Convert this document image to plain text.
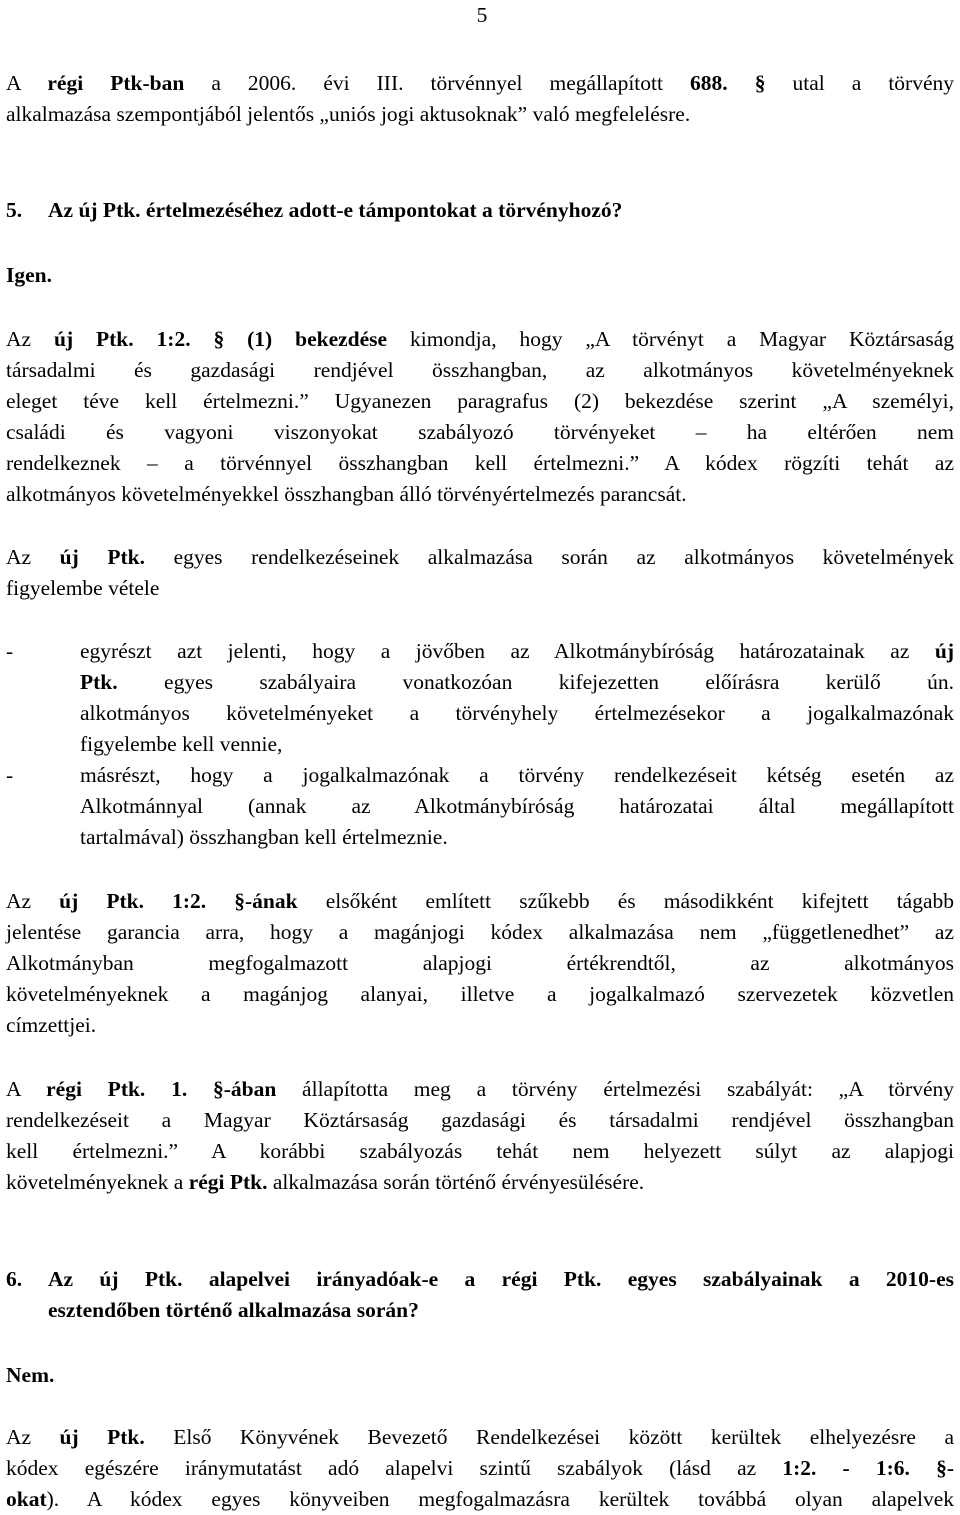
5
A régi Ptk-ban a 2006. évi III. törvénnyel megállapított 688. § utal a törvény
alkalmazása szempontjából jelentős „uniós jogi aktusoknak” való megfelelésre.
5. Az új Ptk. értelmezéséhez adott-e támpontokat a törvényhozó?
Igen.
Az új Ptk. 1:2. § (1) bekezdése kimondja, hogy „A törvényt a Magyar Köztársaság
társadalmi és gazdasági rendjével összhangban, az alkotmányos követelményeknek
eleget téve kell értelmezni.” Ugyanezen paragrafus (2) bekezdése szerint „A személyi,
családi és vagyoni viszonyokat szabályozó törvényeket – ha eltérően nem
rendelkeznek – a törvénnyel összhangban kell értelmezni.” A kódex rögzíti tehát az
alkotmányos követelményekkel összhangban álló törvényértelmezés parancsát.
Az új Ptk. egyes rendelkezéseinek alkalmazása során az alkotmányos követelmények
figyelembe vétele
-	egyrészt azt jelenti, hogy a jövőben az Alkotmánybíróság határozatainak az új
Ptk. egyes szabályaira vonatkozóan kifejezetten előírásra kerülő ún.
alkotmányos követelményeket a törvényhely értelmezésekor a jogalkalmazónak
figyelembe kell vennie,
-	másrészt, hogy a jogalkalmazónak a törvény rendelkezéseit kétség esetén az
Alkotmánnyal (annak az Alkotmánybíróság határozatai által megállapított
tartalmával) összhangban kell értelmeznie.
Az új Ptk. 1:2. §-ának elsőként említett szűkebb és másodikként kifejtett tágabb
jelentése garancia arra, hogy a magánjogi kódex alkalmazása nem „függetlenedhet” az
Alkotmányban megfogalmazott alapjogi értékrendtől, az alkotmányos
követelményeknek a magánjog alanyai, illetve a jogalkalmazó szervezetek közvetlen
címzettjei.
A régi Ptk. 1. §-ában állapította meg a törvény értelmezési szabályát: „A törvény
rendelkezéseit a Magyar Köztársaság gazdasági és társadalmi rendjével összhangban
kell értelmezni.” A korábbi szabályozás tehát nem helyezett súlyt az alapjogi
követelményeknek a régi Ptk. alkalmazása során történő érvényesülésére.
6. Az új Ptk. alapelvei irányadóak-e a régi Ptk. egyes szabályainak a 2010-es
esztendőben történő alkalmazása során?
Nem.
Az új Ptk. Első Könyvének Bevezető Rendelkezései között kerültek elhelyezésre a
kódex egészére iránymutatást adó alapelvi szintű szabályok (lásd az 1:2. - 1:6. §-
okat). A kódex egyes könyveiben megfogalmazásra kerültek továbbá olyan alapelvek
